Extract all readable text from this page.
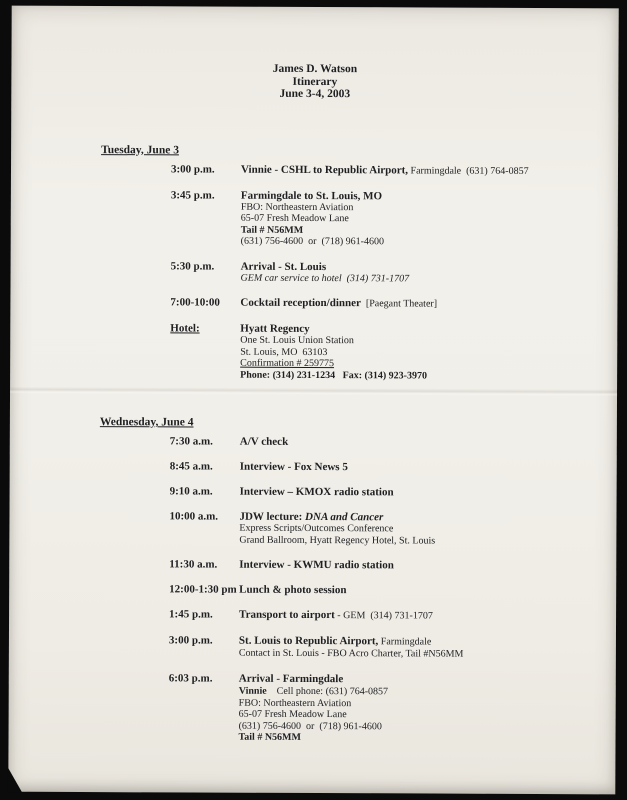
James D. Watson
Itinerary
June 3-4, 2003
Tuesday, June 3
3:00 p.m.	Vinnie - CSHL to Republic Airport, Farmingdale  (631) 764-0857
3:45 p.m.	Farmingdale to St. Louis, MO
FBO: Northeastern Aviation
65-07 Fresh Meadow Lane
Tail # N56MM
(631) 756-4600  or  (718) 961-4600
5:30 p.m.	Arrival - St. Louis
GEM car service to hotel  (314) 731-1707
7:00-10:00	Cocktail reception/dinner  [Paegant Theater]
Hotel:	Hyatt Regency
One St. Louis Union Station
St. Louis, MO  63103
Confirmation # 259775
Phone: (314) 231-1234   Fax: (314) 923-3970
Wednesday, June 4
7:30 a.m.	A/V check
8:45 a.m.	Interview - Fox News 5
9:10 a.m.	Interview – KMOX radio station
10:00 a.m.	JDW lecture: DNA and Cancer
Express Scripts/Outcomes Conference
Grand Ballroom, Hyatt Regency Hotel, St. Louis
11:30 a.m.	Interview - KWMU radio station
12:00-1:30 pm Lunch & photo session
1:45 p.m.	Transport to airport - GEM  (314) 731-1707
3:00 p.m.	St. Louis to Republic Airport, Farmingdale
Contact in St. Louis - FBO Acro Charter, Tail #N56MM
6:03 p.m.	Arrival - Farmingdale
Vinnie    Cell phone: (631) 764-0857
FBO: Northeastern Aviation
65-07 Fresh Meadow Lane
(631) 756-4600  or  (718) 961-4600
Tail # N56MM
